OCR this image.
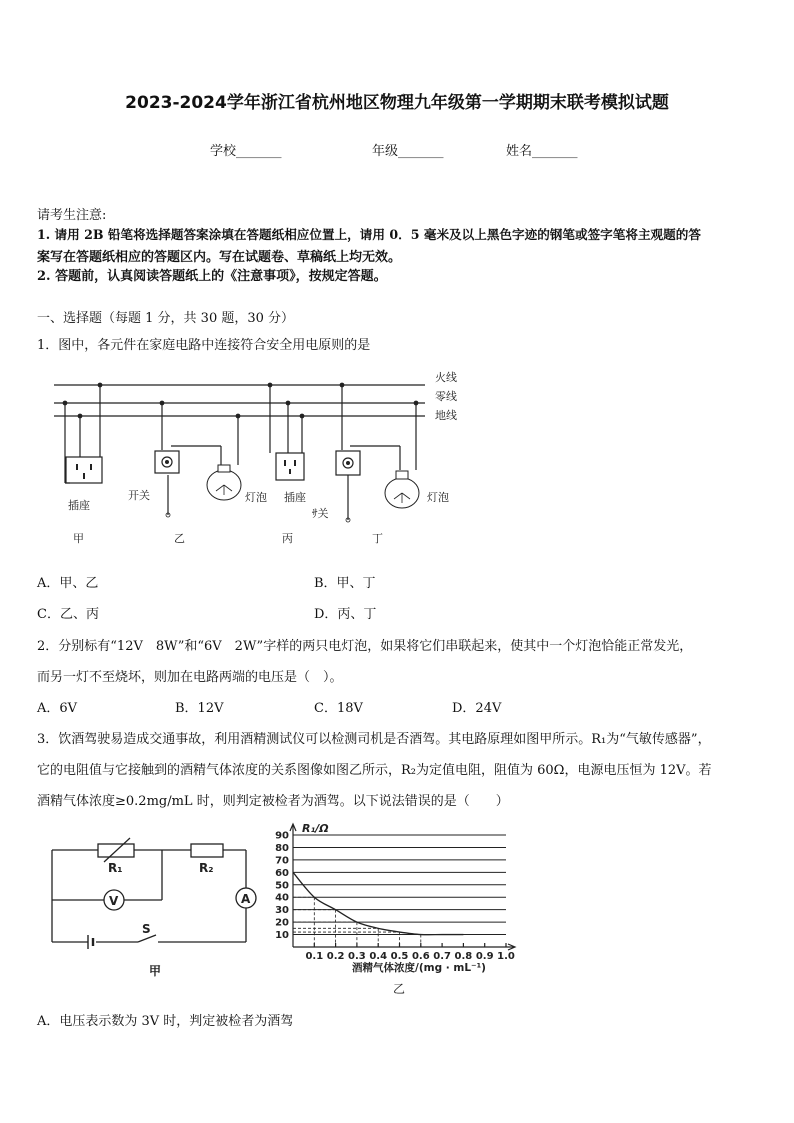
2023-2024学年浙江省杭州地区物理九年级第一学期期末联考模拟试题
学校_______	年级_______	姓名_______
请考生注意:
1. 请用 2B 铅笔将选择题答案涂填在答题纸相应位置上，请用 0．5 毫米及以上黑色字迹的钢笔或签字笔将主观题的答
案写在答题纸相应的答题区内。写在试题卷、草稿纸上均无效。
2. 答题前，认真阅读答题纸上的《注意事项》，按规定答题。
一、选择题（每题 1 分，共 30 题，30 分）
1．图中，各元件在家庭电路中连接符合安全用电原则的是
火线
零线
地线
插座
开关	灯泡 插座
ｻ关
灯泡
甲	乙	丙	丁
A．甲、乙	B．甲、丁
C．乙、丙	D．丙、丁
2．分别标有“12V　8W”和“6V　2W”字样的两只电灯泡，如果将它们串联起来，使其中一个灯泡恰能正常发光，
而另一灯不至烧坏，则加在电路两端的电压是（　）。
A．6V	B．12V	C．18V	D．24V
3．饮酒驾驶易造成交通事故，利用酒精测试仪可以检测司机是否酒驾。其电路原理如图甲所示。R₁为“气敏传感器”，
它的电阻值与它接触到的酒精气体浓度的关系图像如图乙所示，R₂为定值电阻，阻值为 60Ω，电源电压恒为 12V。若
酒精气体浓度≥0.2mg/mL 时，则判定被检者为酒驾。以下说法错误的是（　　）
R₁	R₂
V	A
S
甲
10
20
30
40
50
60
70
80
90
0.1 0.2 0.3 0.4 0.5 0.6 0.7 0.8 0.9 1.0
R₁/Ω
酒精气体浓度/(mg · mL⁻¹)
乙
A．电压表示数为 3V 时，判定被检者为酒驾
